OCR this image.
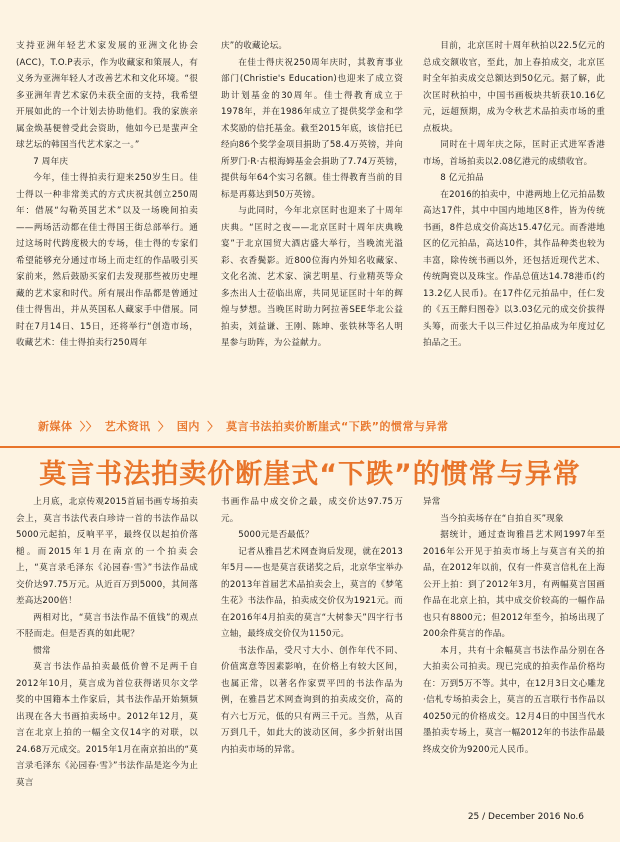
支持亚洲年轻艺术家发展的亚洲文化协会(ACC)，T.O.P表示，作为收藏家和策展人，有义务为亚洲年轻人才改善艺术和文化环境。“很多亚洲年青艺术家仍未获全面的支持，我希望开展如此的一个计划去协助他们。我的家族亲属金焕基便曾受此会资助，他如今已是蜚声全球艺坛的韩国当代艺术家之一。”

7 周年庆

今年，佳士得拍卖行迎来250岁生日。佳士得以一种非常美式的方式庆祝其创立250周年：借展“勾勒英国艺术”以及一场晚间拍卖——两场活动都在佳士得国王街总部举行。通过这场时代跨度极大的专场，佳士得的专家们希望能够充分通过市场上而走红的作品吸引买家前来，然后鼓励买家们去发现那些被历史埋藏的艺术家和时代。所有展出作品都是曾通过佳士得售出，并从英国私人藏家手中借展。同时在7月14日、15日，还将举行“创造市场，收藏艺术：佳士得拍卖行250周年

庆”的收藏论坛。

在佳士得庆祝250周年庆时，其教育事业部门(Christie's Education)也迎来了成立资助计划基金的30周年。佳士得教育成立于1978年，并在1986年成立了提供奖学金和学术奖励的信托基金。截至2015年底，该信托已经向86个奖学金项目捐助了58.4万英镑，并向所罗门·R·古根海姆基金会捐助了7.74万英镑，提供每年64个实习名额。佳士得教育当前的目标是再募达到50万英镑。

与此同时，今年北京匡时也迎来了十周年庆典。“匡时之夜——北京匡时十周年庆典晚宴”于北京国贸大酒店盛大举行，当晚流光溢彩、衣香鬓影。近800位海内外知名收藏家、文化名流、艺术家、演艺明星、行业精英等众多杰出人士莅临出席，共同见证匡时十年的辉煌与梦想。当晚匡时助力阿拉善SEE华北公益拍卖，刘益谦、王刚、陈坤、张铁林等名人明星参与助阵，为公益献力。

目前，北京匡时十周年秋拍以22.5亿元的总成交额收官，至此，加上春拍成交，北京匡时全年拍卖成交总额达到50亿元。据了解，此次匡时秋拍中，中国书画板块共斩获10.16亿元，远超预期，成为令秋艺术品拍卖市场的重点板块。

同时在十周年庆之际，匡时正式进军香港市场，首场拍卖以2.08亿港元的成绩收官。

8 亿元拍品

在2016的拍卖中，中港两地上亿元拍品数高达17件，其中中国内地地区8件，皆为传统书画，8件总成交价高达15.47亿元。而香港地区的亿元拍品，高达10件，其作品种类也较为丰富，除传统书画以外，还包括近现代艺术、传统陶瓷以及珠宝。作品总值达14.78港币(约13.2亿人民币)。在17件亿元拍品中，任仁发的《五王醉归图卷》以3.03亿元的成交价拔得头筹，而张大千以三件过亿拍品成为年度过亿拍品之王。

新媒体 〉〉 艺术资讯 〉 国内 〉 莫言书法拍卖价断崖式“下跌”的惯常与异常
莫言书法拍卖价断崖式“下跌”的惯常与异常

上月底，北京传观2015首届书画专场拍卖会上，莫言书法代表白珍诗一首的书法作品以5000元起拍，反响平平，最终仅以起拍价落槌。而2015年1月在南京的一个拍卖会上，“莫言录毛泽东《沁园春·雪》”书法作品成交价达97.75万元。从近百万到5000，其间落差高达200倍！

两相对比，“莫言书法作品不值钱”的观点不胫而走。但是否真的如此呢？

惯常

莫言书法作品拍卖最低价曾不足两千自2012年10月，莫言成为首位获得诺贝尔文学奖的中国籍本土作家后，其书法作品开始频频出现在各大书画拍卖场中。2012年12月，莫言在北京上拍的一幅全文仅14字的对联，以24.68万元成交。2015年1月在南京拍出的“莫言录毛泽东《沁园春·雪》”书法作品是迄今为止莫言

书画作品中成交价之最，成交价达97.75万元。

5000元是否最低？

记者从雅昌艺术网查询后发现，就在2013年5月——也是莫言获诺奖之后，北京华宝举办的2013年首届艺术品拍卖会上，莫言的《梦笔生花》书法作品，拍卖成交价仅为1921元。而在2016年4月拍卖的莫言“大树参天”四字行书立轴，最终成交价仅为1150元。

书法作品，受尺寸大小、创作年代不同、价值寓意等因素影响，在价格上有较大区间，也属正常，以著名作家贾平凹的书法作品为例，在雅昌艺术网查询到的拍卖成交价，高的有六七万元，低的只有两三千元。当然，从百万到几千，如此大的波动区间，多少折射出国内拍卖市场的异常。

异常

当今拍卖场存在“自拍自买”现象

据统计，通过查询雅昌艺术网1997年至2016年公开见于拍卖市场上与莫言有关的拍品，在2012年以前，仅有一件莫言信札在上海公开上拍：到了2012年3月，有两幅莫言国画作品在北京上拍，其中成交价较高的一幅作品也只有8800元；但2012年至今，拍场出现了200余件莫言的作品。

本月，共有十余幅莫言书法作品分别在各大拍卖公司拍卖。现已完成的拍卖作品价格均在：万到5万不等。其中，在12月3日文心雕龙·信札专场拍卖会上，莫言的五言联行书作品以40250元的价格成交。12月4日的中国当代水墨拍卖专场上，莫言一幅2012年的书法作品最终成交价为9200元人民币。

25 / December 2016 No.6
